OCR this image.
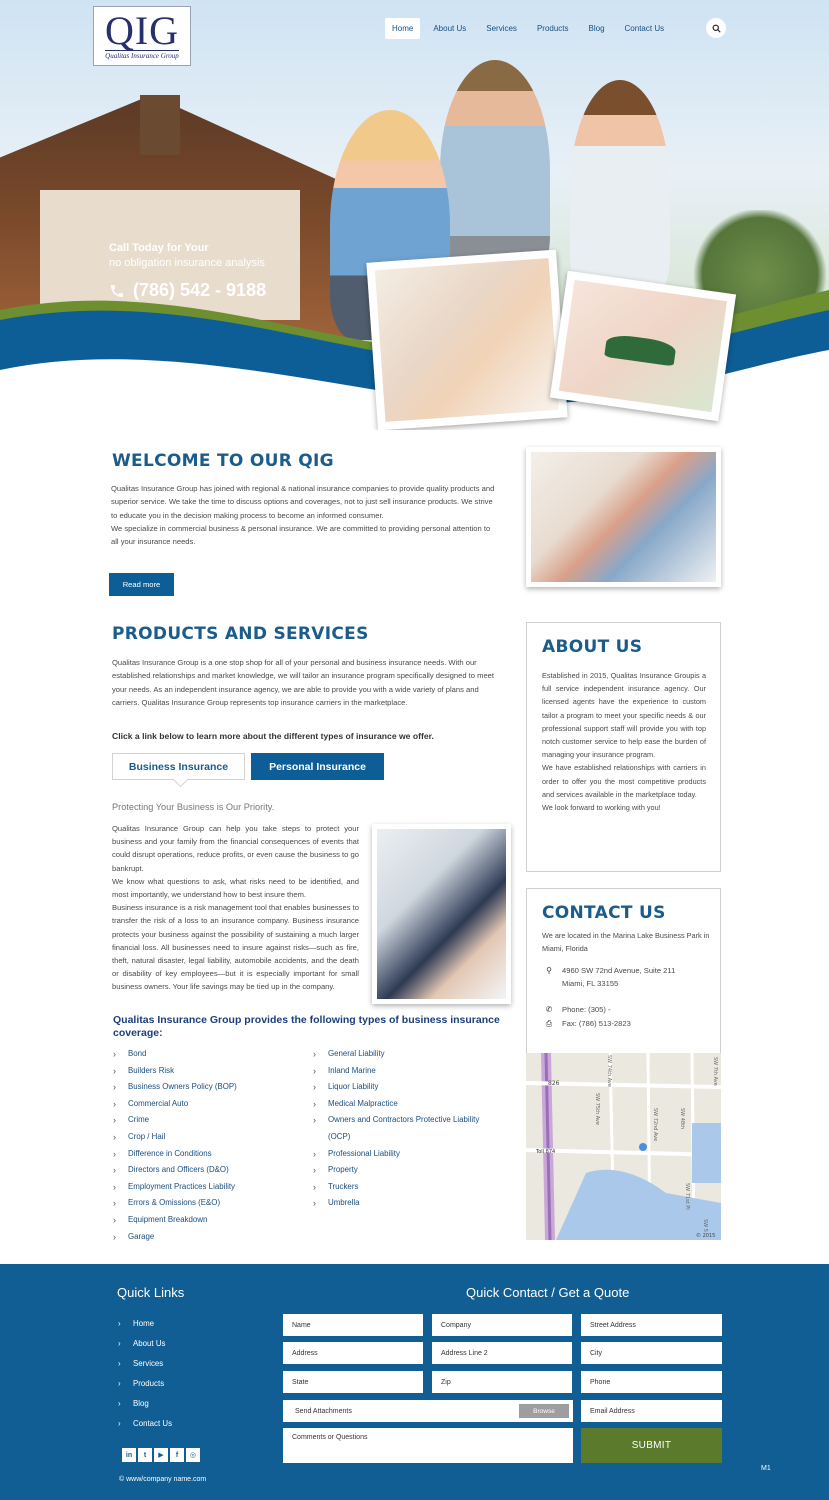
Call Today for Your
no obligation insurance analysis
(786) 542 - 9188
QIG
Qualitas Insurance Group
Home	About Us	Services	Products	Blog	Contact Us
WELCOME TO OUR QIG

Qualitas Insurance Group has joined with regional & national insurance companies to provide quality products and superior service. We take the time to discuss options and coverages, not to just sell insurance products. We strive to educate you in the decision making process to become an informed consumer.

We specialize in commercial business & personal insurance. We are committed to providing personal attention to all your insurance needs.

Read more
PRODUCTS AND SERVICES

Qualitas Insurance Group is a one stop shop for all of your personal and business insurance needs. With our established relationships and market knowledge, we will tailor an insurance program specifically designed to meet your needs. As an independent insurance agency, we are able to provide you with a wide variety of plans and carriers. Qualitas Insurance Group represents top insurance carriers in the marketplace.

Click a link below to learn more about the different types of insurance we offer.

Business Insurance	Personal Insurance

Protecting Your Business is Our Priority.

Qualitas Insurance Group can help you take steps to protect your business and your family from the financial consequences of events that could disrupt operations, reduce profits, or even cause the business to go bankrupt.

We know what questions to ask, what risks need to be identified, and most importantly, we understand how to best insure them.

Business insurance is a risk management tool that enables businesses to transfer the risk of a loss to an insurance company. Business insurance protects your business against the possibility of sustaining a much larger financial loss. All businesses need to insure against risks—such as fire, theft, natural disaster, legal liability, automobile accidents, and the death or disability of key employees—but it is especially important for small business owners. Your life savings may be tied up in the company.

Qualitas Insurance Group provides the following types of business insurance coverage:

› Bond
› Builders Risk
› Business Owners Policy (BOP)
› Commercial Auto
› Crime
› Crop / Hail
› Difference in Conditions
› Directors and Officers (D&O)
› Employment Practices Liability
› Errors & Omissions (E&O)
› Equipment Breakdown
› Garage
› General Liability
› Inland Marine
› Liquor Liability
› Medical Malpractice
› Owners and Contractors Protective Liability (OCP)
› Professional Liability
› Property
› Truckers
› Umbrella
ABOUT US

Established in 2015, Qualitas Insurance Groupis a full service independent insurance agency. Our licensed agents have the experience to custom tailor a program to meet your specific needs & our professional support staff will provide you with top notch customer service to help ease the burden of managing your insurance program.

We have established relationships with carriers in order to offer you the most competitive products and services available in the marketplace today.

We look forward to working with you!

CONTACT US

We are located in the Marina Lake Business Park in Miami, Florida

⚲ 4960 SW 72nd Avenue, Suite 211
Miami, FL 33155
✆ Phone: (305) -
⎙ Fax: (786) 513-2823
826	SW 74th Ave
SW 75th Ave	SW 72nd Ave
SW 7th Ave
SW 48th
SW 71st Pl
SW 5
Toll 874
© 2015
Quick Links
› Home
› About Us
› Services
› Products
› Blog
› Contact Us
in	t	▶	f	◎
© www/company name.com
Quick Contact / Get a Quote
Name	Company	Street Address
Address	Address Line 2	City
State	Zip	Phone
Send Attachments	Browse	Email Address
Comments or Questions
SUBMIT
M1
